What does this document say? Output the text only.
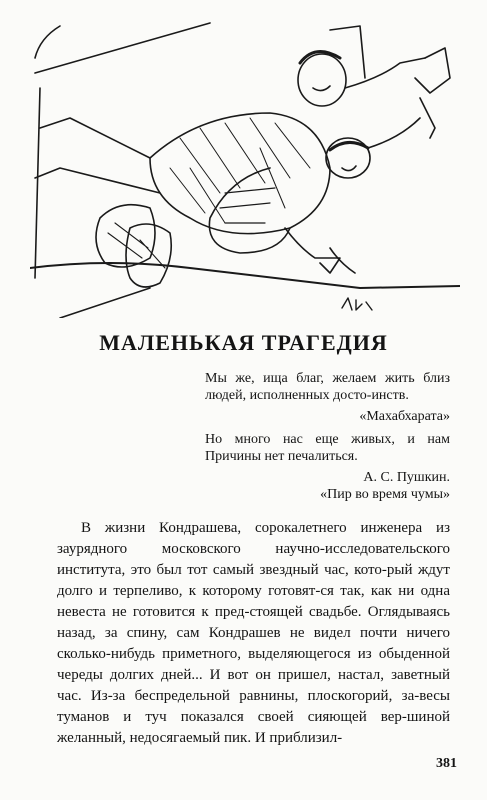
МАЛЕНЬКАЯ ТРАГЕДИЯ
Мы же, ища благ, желаем жить близ людей, исполненных досто-инств.
«Махабхарата»
Но много нас еще живых, и нам Причины нет печалиться.
А. С. Пушкин.
«Пир во время чумы»

В жизни Кондрашева, сорокалетнего инженера из заурядного московского научно-исследовательского института, это был тот самый звездный час, кото-рый ждут долго и терпеливо, к которому готовят-ся так, как ни одна невеста не готовится к пред-стоящей свадьбе. Оглядываясь назад, за спину, сам Кондрашев не видел почти ничего сколько-нибудь приметного, выделяющегося из обыденной череды долгих дней... И вот он пришел, настал, заветный час. Из-за беспредельной равнины, плоскогорий, за-весы туманов и туч показался своей сияющей вер-шиной желанный, недосягаемый пик. И приблизил-

381
